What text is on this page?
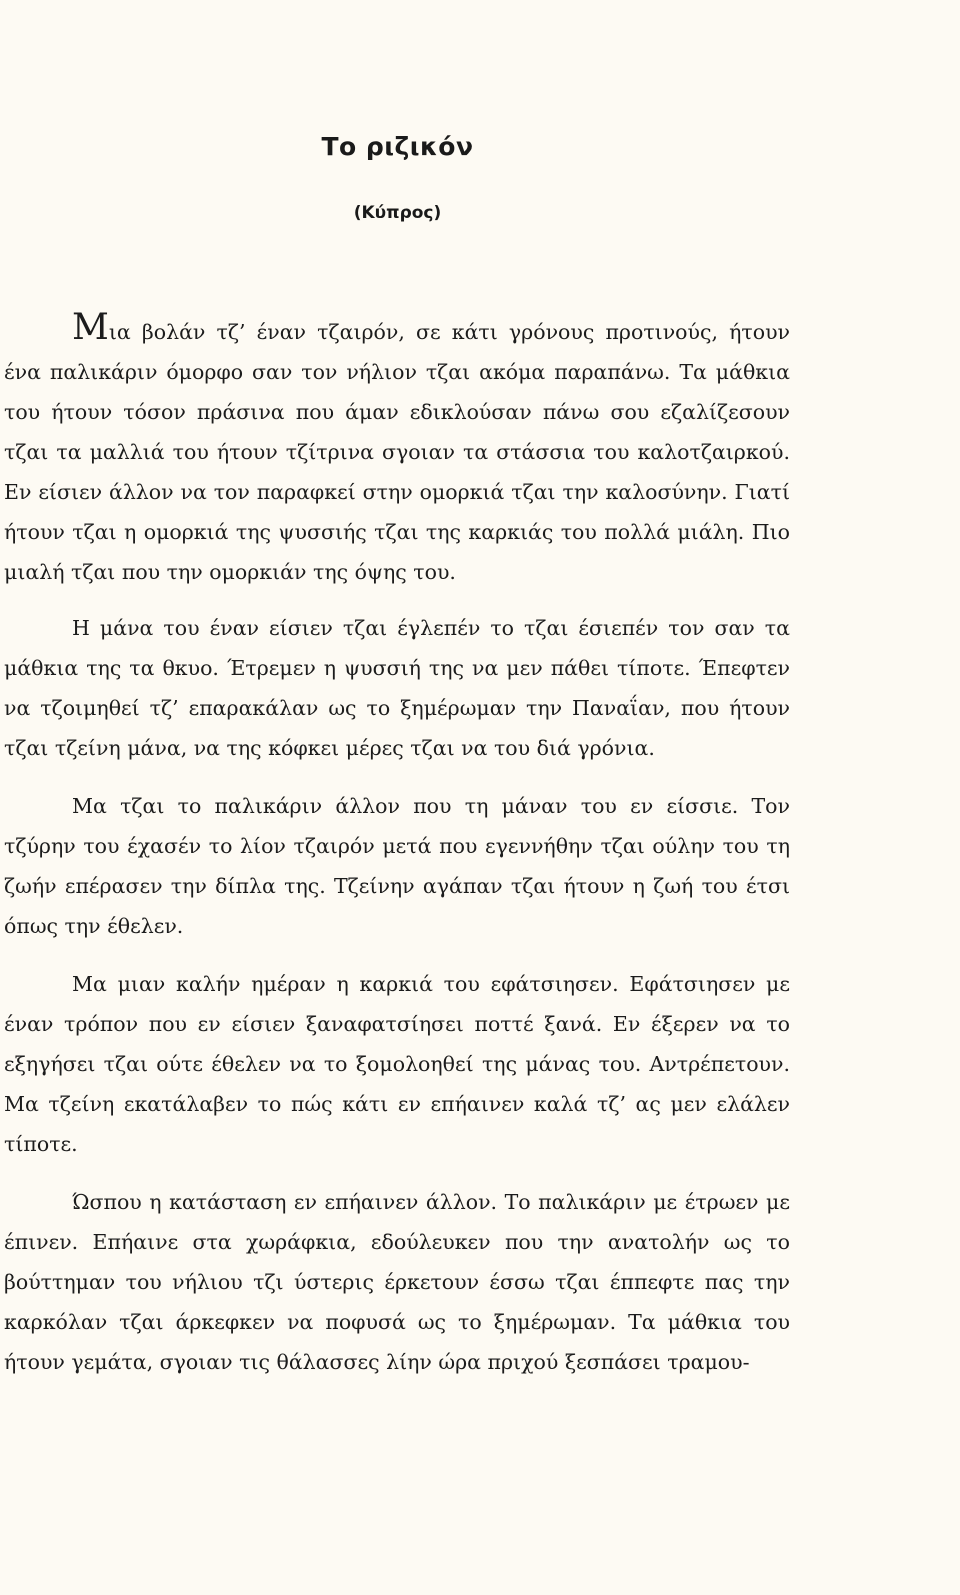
Το ριζικόν
(Κύπρος)

Μια βολάν τζ’ έναν τζαιρόν, σε κάτι γρόνους προτινούς, ήτουν ένα παλικάριν όμορφο σαν τον νήλιον τζαι ακόμα παραπάνω. Τα μάθκια του ήτουν τόσον πράσινα που άμαν εδικλούσαν πάνω σου εζαλίζεσουν τζαι τα μαλλιά του ήτουν τζίτρινα σγοιαν τα στάσσια του καλοτζαιρκού. Εν είσιεν άλλον να τον παραφκεί στην ομορκιά τζαι την καλοσύνην. Γιατί ήτουν τζαι η ομορκιά της ψυσσιής τζαι της καρκιάς του πολλά μιάλη. Πιο μιαλή τζαι που την ομορκιάν της όψης του.

Η μάνα του έναν είσιεν τζαι έγλεπέν το τζαι έσιεπέν τον σαν τα μάθκια της τα θκυο. Έτρεμεν η ψυσσιή της να μεν πάθει τίποτε. Έπεφτεν να τζοιμηθεί τζ’ επαρακάλαν ως το ξημέρωμαν την Παναΐαν, που ήτουν τζαι τζείνη μάνα, να της κόφκει μέρες τζαι να του διά γρόνια.

Μα τζαι το παλικάριν άλλον που τη μάναν του εν είσσιε. Τον τζύρην του έχασέν το λίον τζαιρόν μετά που εγεννήθην τζαι ούλην του τη ζωήν επέρασεν την δίπλα της. Τζείνην αγάπαν τζαι ήτουν η ζωή του έτσι όπως την έθελεν.

Μα μιαν καλήν ημέραν η καρκιά του εφάτσιησεν. Εφάτσιησεν με έναν τρόπον που εν είσιεν ξαναφατσίησει ποττέ ξανά. Εν έξερεν να το εξηγήσει τζαι ούτε έθελεν να το ξομολοηθεί της μάνας του. Αντρέπετουν. Μα τζείνη εκατάλαβεν το πώς κάτι εν επήαινεν καλά τζ’ ας μεν ελάλεν τίποτε.

Ώσπου η κατάσταση εν επήαινεν άλλον. Το παλικάριν με έτρωεν με έπινεν. Επήαινε στα χωράφκια, εδούλευκεν που την ανατολήν ως το βούττημαν του νήλιου τζι ύστερις έρκετουν έσσω τζαι έππεφτε πας την καρκόλαν τζαι άρκεφκεν να ποφυσά ως το ξημέρωμαν. Τα μάθκια του ήτουν γεμάτα, σγοιαν τις θάλασσες λίην ώρα πριχού ξεσπάσει τραμου-
